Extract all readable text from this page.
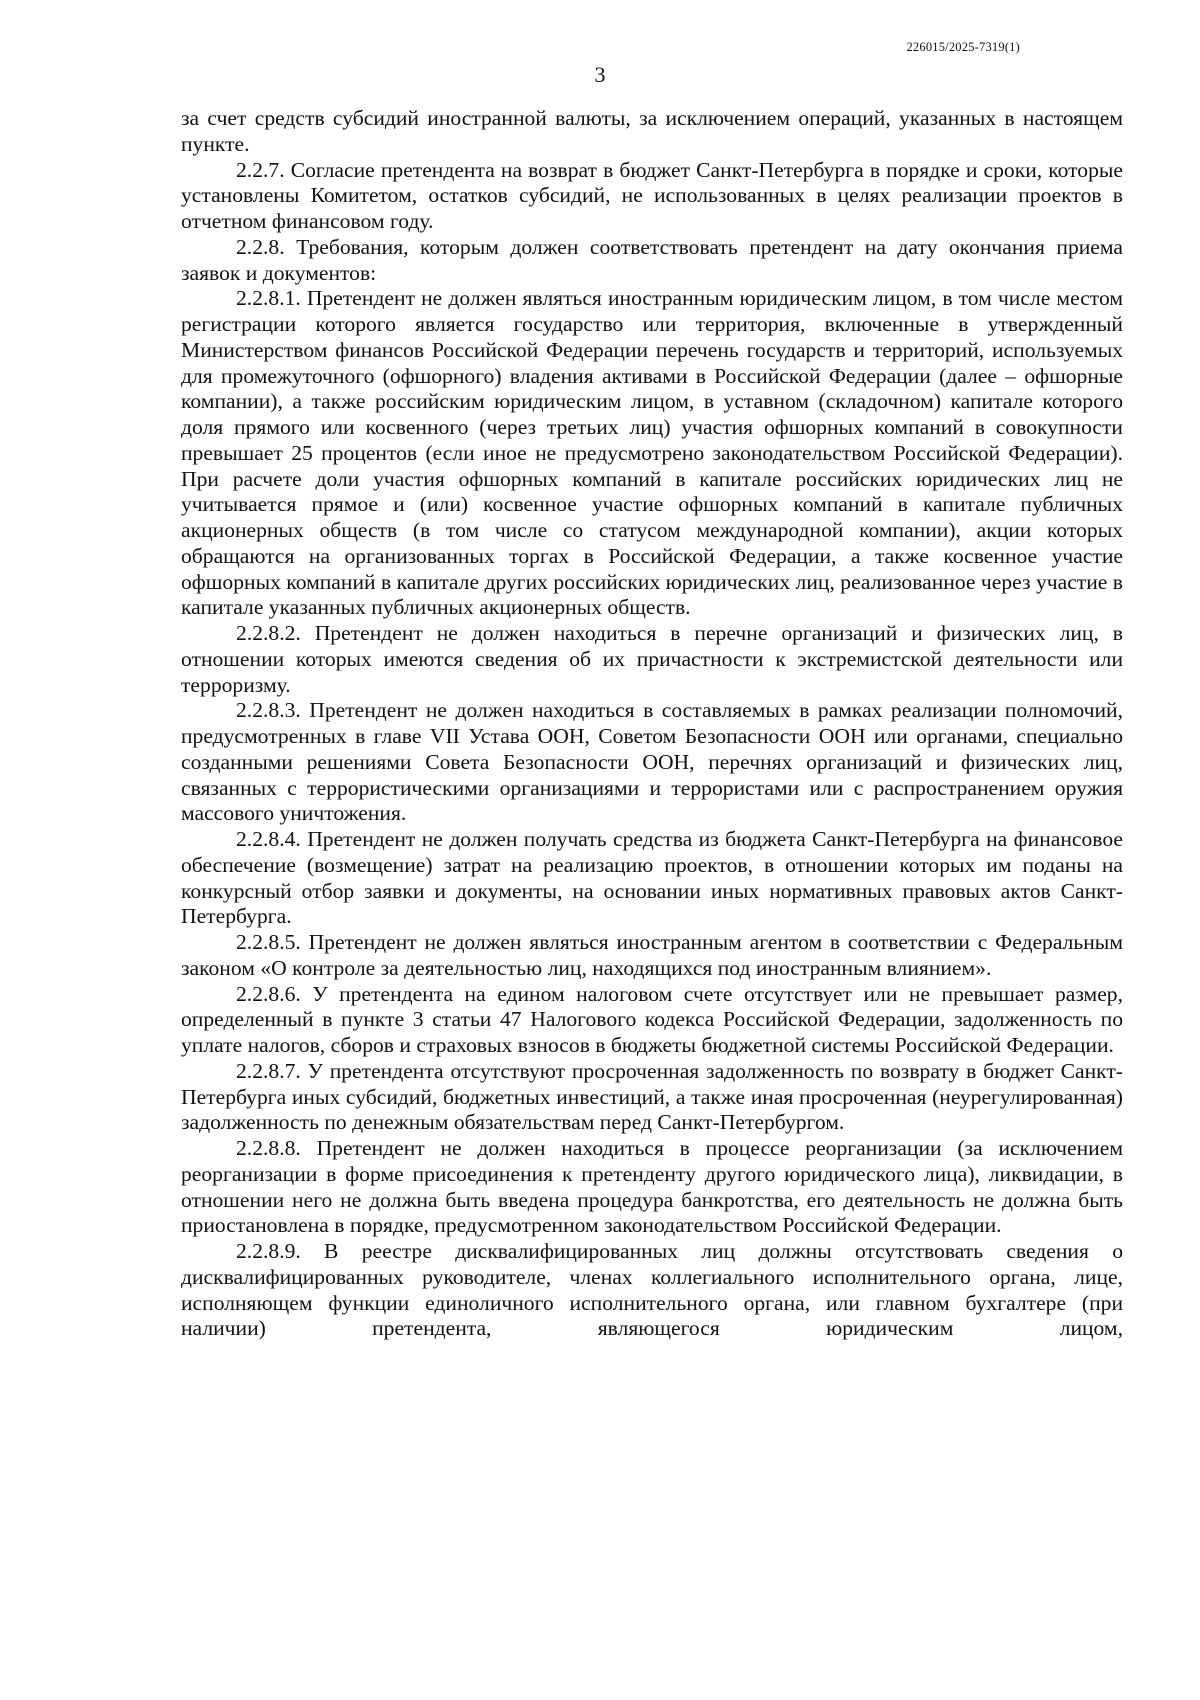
226015/2025-7319(1)
3

за счет средств субсидий иностранной валюты, за исключением операций, указанных в настоящем пункте.

2.2.7. Согласие претендента на возврат в бюджет Санкт-Петербурга в порядке и сроки, которые установлены Комитетом, остатков субсидий, не использованных в целях реализации проектов в отчетном финансовом году.

2.2.8. Требования, которым должен соответствовать претендент на дату окончания приема заявок и документов:

2.2.8.1. Претендент не должен являться иностранным юридическим лицом, в том числе местом регистрации которого является государство или территория, включенные в утвержденный Министерством финансов Российской Федерации перечень государств и территорий, используемых для промежуточного (офшорного) владения активами в Российской Федерации (далее – офшорные компании), а также российским юридическим лицом, в уставном (складочном) капитале которого доля прямого или косвенного (через третьих лиц) участия офшорных компаний в совокупности превышает 25 процентов (если иное не предусмотрено законодательством Российской Федерации). При расчете доли участия офшорных компаний в капитале российских юридических лиц не учитывается прямое и (или) косвенное участие офшорных компаний в капитале публичных акционерных обществ (в том числе со статусом международной компании), акции которых обращаются на организованных торгах в Российской Федерации, а также косвенное участие офшорных компаний в капитале других российских юридических лиц, реализованное через участие в капитале указанных публичных акционерных обществ.

2.2.8.2. Претендент не должен находиться в перечне организаций и физических лиц, в отношении которых имеются сведения об их причастности к экстремистской деятельности или терроризму.

2.2.8.3. Претендент не должен находиться в составляемых в рамках реализации полномочий, предусмотренных в главе VII Устава ООН, Советом Безопасности ООН или органами, специально созданными решениями Совета Безопасности ООН, перечнях организаций и физических лиц, связанных с террористическими организациями и террористами или с распространением оружия массового уничтожения.

2.2.8.4. Претендент не должен получать средства из бюджета Санкт-Петербурга на финансовое обеспечение (возмещение) затрат на реализацию проектов, в отношении которых им поданы на конкурсный отбор заявки и документы, на основании иных нормативных правовых актов Санкт-Петербурга.

2.2.8.5. Претендент не должен являться иностранным агентом в соответствии с Федеральным законом «О контроле за деятельностью лиц, находящихся под иностранным влиянием».

2.2.8.6. У претендента на едином налоговом счете отсутствует или не превышает размер, определенный в пункте 3 статьи 47 Налогового кодекса Российской Федерации, задолженность по уплате налогов, сборов и страховых взносов в бюджеты бюджетной системы Российской Федерации.

2.2.8.7. У претендента отсутствуют просроченная задолженность по возврату в бюджет Санкт-Петербурга иных субсидий, бюджетных инвестиций, а также иная просроченная (неурегулированная) задолженность по денежным обязательствам перед Санкт-Петербургом.

2.2.8.8. Претендент не должен находиться в процессе реорганизации (за исключением реорганизации в форме присоединения к претенденту другого юридического лица), ликвидации, в отношении него не должна быть введена процедура банкротства, его деятельность не должна быть приостановлена в порядке, предусмотренном законодательством Российской Федерации.

2.2.8.9. В реестре дисквалифицированных лиц должны отсутствовать сведения о дисквалифицированных руководителе, членах коллегиального исполнительного органа, лице, исполняющем функции единоличного исполнительного органа, или главном бухгалтере (при наличии) претендента, являющегося юридическим лицом,
